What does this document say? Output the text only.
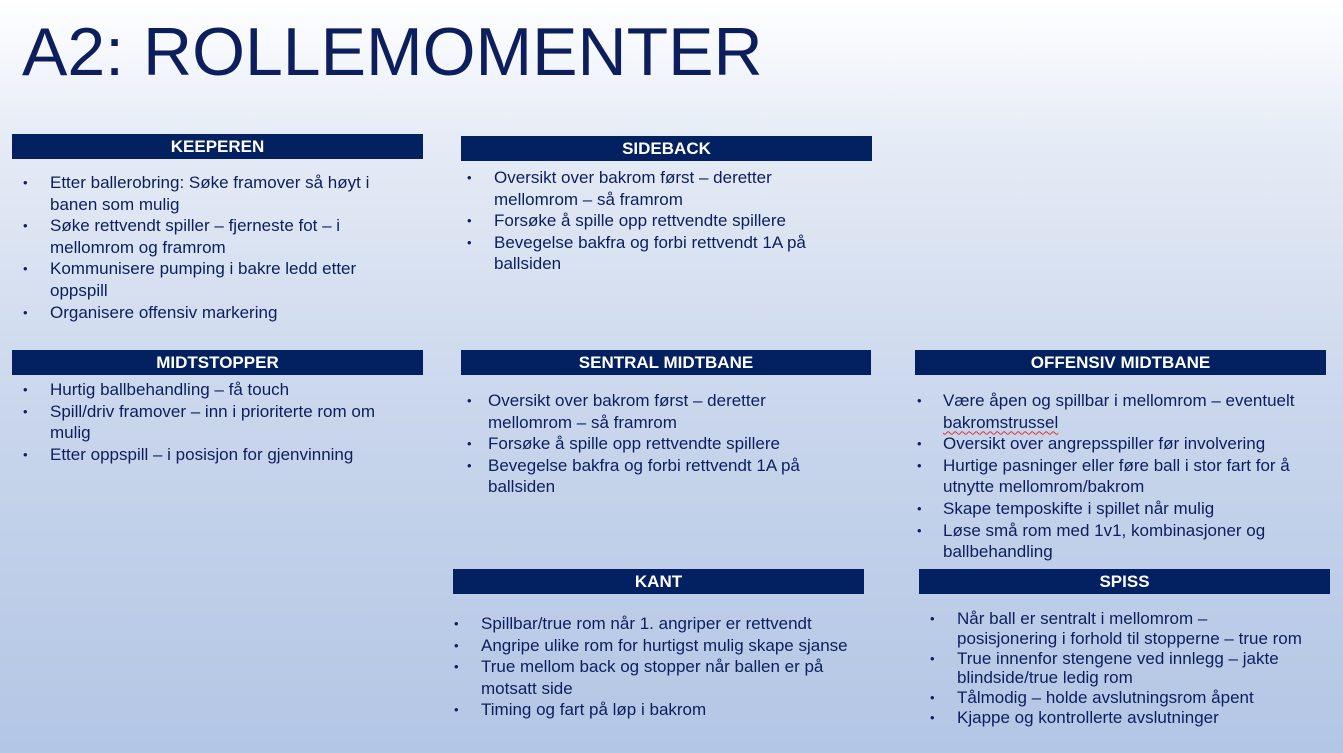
A2: ROLLEMOMENTER
KEEPEREN
• Etter ballerobring: Søke framover så høyt i banen som mulig
• Søke rettvendt spiller – fjerneste fot – i mellomrom og framrom
• Kommunisere pumping i bakre ledd etter oppspill
• Organisere offensiv markering
SIDEBACK
• Oversikt over bakrom først – deretter mellomrom – så framrom
• Forsøke å spille opp rettvendte spillere
• Bevegelse bakfra og forbi rettvendt 1A på ballsiden
MIDTSTOPPER
• Hurtig ballbehandling – få touch
• Spill/driv framover – inn i prioriterte rom om mulig
• Etter oppspill – i posisjon for gjenvinning
SENTRAL MIDTBANE
• Oversikt over bakrom først – deretter mellomrom – så framrom
• Forsøke å spille opp rettvendte spillere
• Bevegelse bakfra og forbi rettvendt 1A på ballsiden
OFFENSIV MIDTBANE
• Være åpen og spillbar i mellomrom – eventuelt bakromstrussel
• Oversikt over angrepsspiller før involvering
• Hurtige pasninger eller føre ball i stor fart for å utnytte mellomrom/bakrom
• Skape temposkifte i spillet når mulig
• Løse små rom med 1v1, kombinasjoner og ballbehandling
KANT
• Spillbar/true rom når 1. angriper er rettvendt
• Angripe ulike rom for hurtigst mulig skape sjanse
• True mellom back og stopper når ballen er på motsatt side
• Timing og fart på løp i bakrom
SPISS
• Når ball er sentralt i mellomrom – posisjonering i forhold til stopperne – true rom
• True innenfor stengene ved innlegg – jakte blindside/true ledig rom
• Tålmodig – holde avslutningsrom åpent
• Kjappe og kontrollerte avslutninger
